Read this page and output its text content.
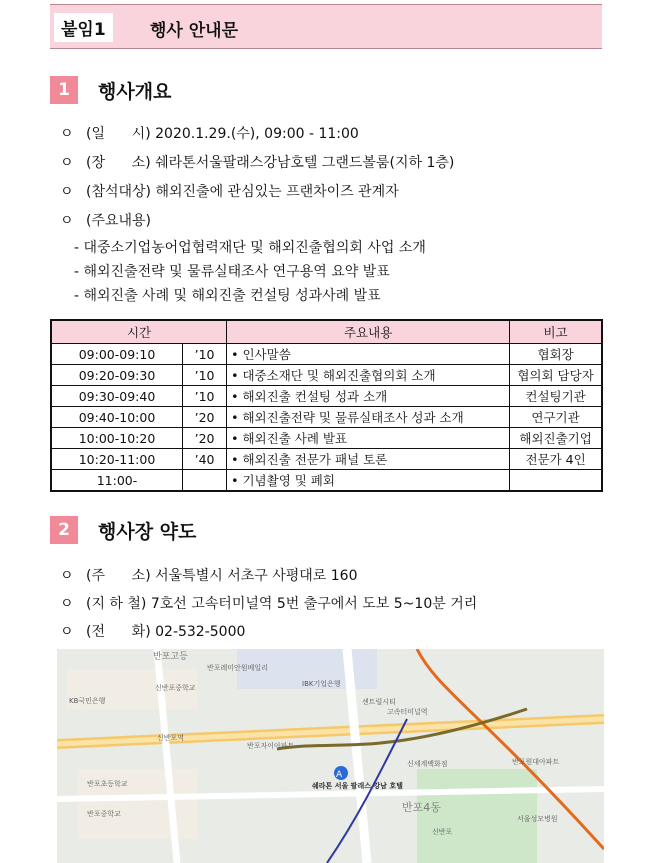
붙임1	행사 안내문
1	행사개요
ㅇ (일      시) 2020.1.29.(수), 09:00 - 11:00
ㅇ (장      소) 쉐라톤서울팔래스강남호텔 그랜드볼룸(지하 1층)
ㅇ (참석대상) 해외진출에 관심있는 프랜차이즈 관계자
ㅇ (주요내용)
- 대중소기업농어업협력재단 및 해외진출협의회 사업 소개
- 해외진출전략 및 물류실태조사 연구용역 요약 발표
- 해외진출 사례 및 해외진출 컨설팅 성과사례 발표
시간		주요내용	비고
09:00-09:10	’10	• 인사말씀	협회장
09:20-09:30	’10	• 대중소재단 및 해외진출협의회 소개	협의회 담당자
09:30-09:40	’10	• 해외진출 컨설팅 성과 소개	컨설팅기관
09:40-10:00	’20	• 해외진출전략 및 물류실태조사 성과 소개	연구기관
10:00-10:20	’20	• 해외진출 사례 발표	해외진출기업
10:20-11:00	’40	• 해외진출 전문가 패널 토론	전문가 4인
11:00-		• 기념촬영 및 폐회	
2	행사장 약도
ㅇ (주      소) 서울특별시 서초구 사평대로 160
ㅇ (지 하 철) 7호선 고속터미널역 5번 출구에서 도보 5~10분 거리
ㅇ (전      화) 02-532-5000
A
반포고등
반포레미안원베일리
신반포중학교
KB국민은행
IBK기업은행
신반포역
고속터미널역
센트럴시티
반포자이아파트
쉐라톤 서울 팔래스 강남 호텔
반포4동
반포원대아파트
반포초등학교
신세계백화점
신반포
서울성모병원
반포중학교
